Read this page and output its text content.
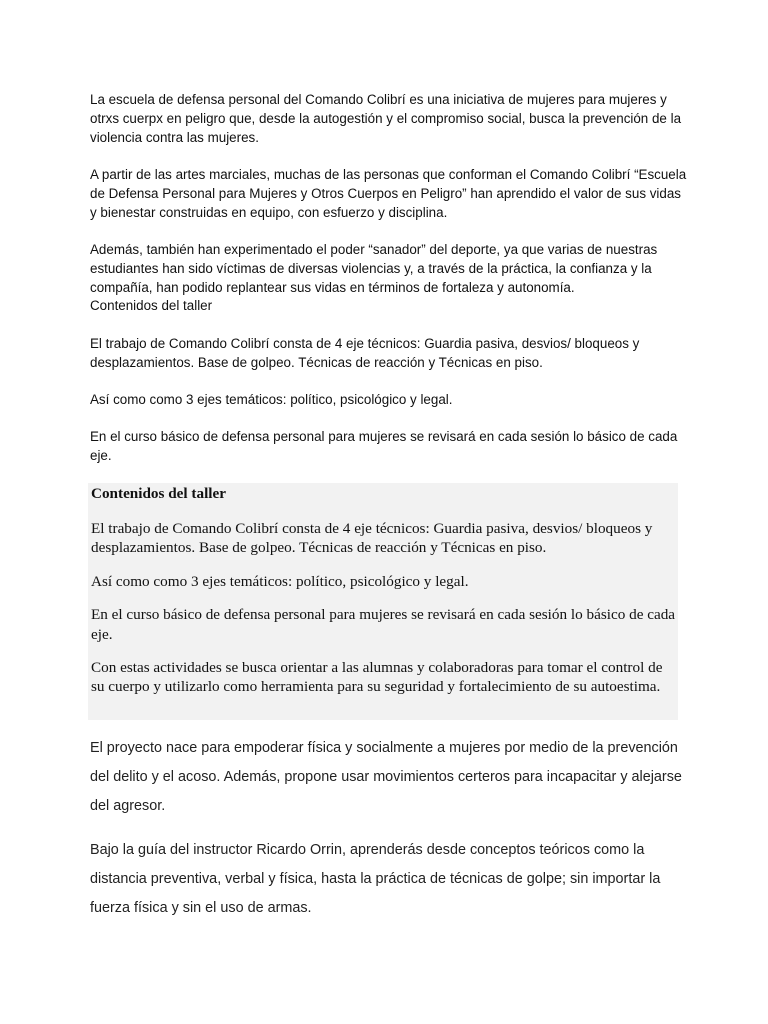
La escuela de defensa personal del Comando Colibrí es una iniciativa de mujeres para mujeres y otrxs cuerpx en peligro que, desde la autogestión y el compromiso social, busca la prevención de la violencia contra las mujeres.

A partir de las artes marciales, muchas de las personas que conforman el Comando Colibrí “Escuela de Defensa Personal para Mujeres y Otros Cuerpos en Peligro” han aprendido el valor de sus vidas y bienestar construidas en equipo, con esfuerzo y disciplina.

Además, también han experimentado el poder “sanador” del deporte, ya que varias de nuestras estudiantes han sido víctimas de diversas violencias y, a través de la práctica, la confianza y la compañía, han podido replantear sus vidas en términos de fortaleza y autonomía.

Contenidos del taller

El trabajo de Comando Colibrí consta de 4 eje técnicos: Guardia pasiva, desvios/ bloqueos y desplazamientos. Base de golpeo. Técnicas de reacción y Técnicas en piso.

Así como como 3 ejes temáticos: político, psicológico y legal.

En el curso básico de defensa personal para mujeres se revisará en cada sesión lo básico de cada eje.

Contenidos del taller

El trabajo de Comando Colibrí consta de 4 eje técnicos: Guardia pasiva, desvios/ bloqueos y desplazamientos. Base de golpeo. Técnicas de reacción y Técnicas en piso.

Así como como 3 ejes temáticos: político, psicológico y legal.

En el curso básico de defensa personal para mujeres se revisará en cada sesión lo básico de cada eje.

Con estas actividades se busca orientar a las alumnas y colaboradoras para tomar el control de su cuerpo y utilizarlo como herramienta para su seguridad y fortalecimiento de su autoestima.

El proyecto nace para empoderar física y socialmente a mujeres por medio de la prevención del delito y el acoso. Además, propone usar movimientos certeros para incapacitar y alejarse del agresor.

Bajo la guía del instructor Ricardo Orrin, aprenderás desde conceptos teóricos como la distancia preventiva, verbal y física, hasta la práctica de técnicas de golpe; sin importar la fuerza física y sin el uso de armas.
